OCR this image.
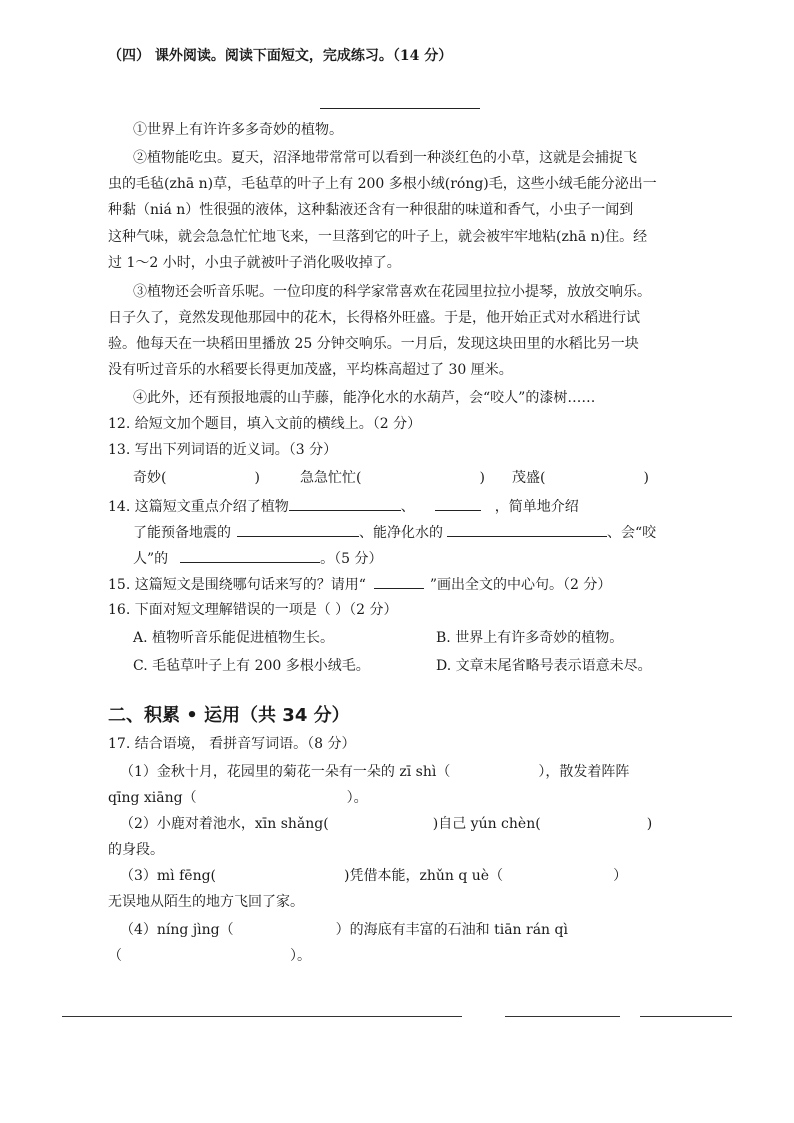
（四） 课外阅读。阅读下面短文，完成练习。（14 分）
①世界上有许许多多奇妙的植物。
②植物能吃虫。夏天，沼泽地带常常可以看到一种淡红色的小草，这就是会捕捉飞
虫的毛毡(zhā n)草，毛毡草的叶子上有 200 多根小绒(róng)毛，这些小绒毛能分泌出一
种黏（niá n）性很强的液体，这种黏液还含有一种很甜的味道和香气，小虫子一闻到
这种气味，就会急急忙忙地飞来，一旦落到它的叶子上，就会被牢牢地粘(zhā n)住。经
过 1～2 小时，小虫子就被叶子消化吸收掉了。
③植物还会听音乐呢。一位印度的科学家常喜欢在花园里拉拉小提琴，放放交响乐。
日子久了，竟然发现他那园中的花木，长得格外旺盛。于是，他开始正式对水稻进行试
验。他每天在一块稻田里播放 25 分钟交响乐。一月后，发现这块田里的水稻比另一块
没有听过音乐的水稻要长得更加茂盛，平均株高超过了 30 厘米。
④此外，还有预报地震的山芋藤，能净化水的水葫芦，会“咬人”的漆树……
12. 给短文加个题目，填入文前的横线上。（2 分）
13. 写出下列词语的近义词。（3 分）
奇妙(	)	急急忙忙(	) 茂盛(	)
14. 这篇短文重点介绍了植物	、	，简单地介绍
了能预备地震的	、能净化水的	、会“咬
人”的	。（5 分）
15. 这篇短文是围绕哪句话来写的？请用“	”画出全文的中心句。（2 分）
16. 下面对短文理解错误的一项是（ ）（2 分）
A. 植物听音乐能促进植物生长。	B. 世界上有许多奇妙的植物。
C. 毛毡草叶子上有 200 多根小绒毛。	D. 文章末尾省略号表示语意未尽。
二、积累 • 运用（共 34 分）
17. 结合语境， 看拼音写词语。（8 分）
（1）金秋十月，花园里的菊花一朵有一朵的 zī shì（	），散发着阵阵
qīng xiāng（	）。
（2）小鹿对着池水，xīn shǎng(	)自己 yún chèn(	)
的身段。
（3）mì fēng(	)凭借本能，zhǔn q uè（	）
无误地从陌生的地方飞回了家。
（4）níng jìng（	）的海底有丰富的石油和 tiān rán qì
（	）。
